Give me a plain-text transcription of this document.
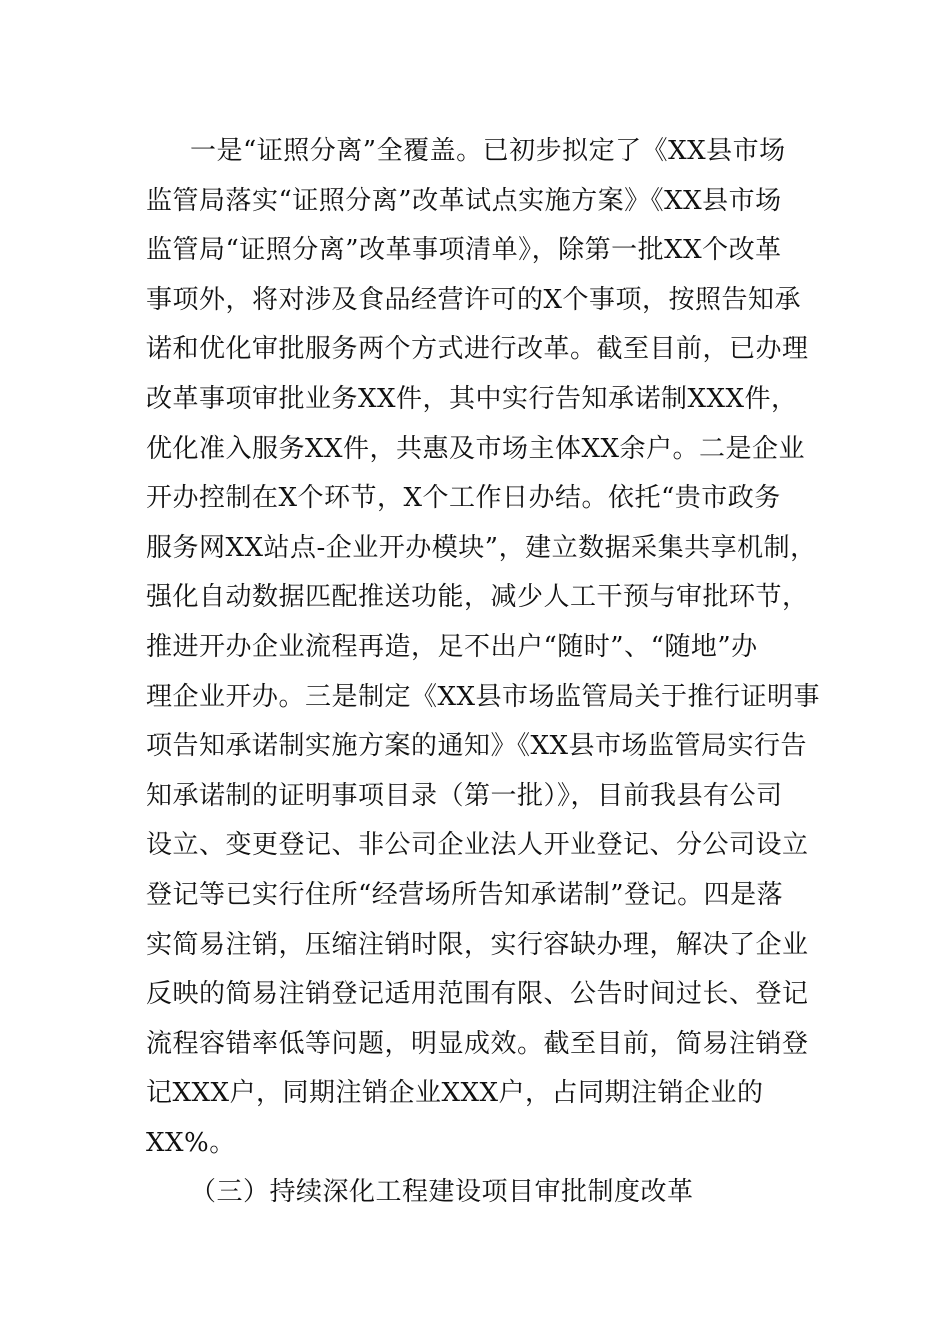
一是“证照分离”全覆盖。已初步拟定了《XX县市场
监管局落实“证照分离”改革试点实施方案》《XX县市场
监管局“证照分离”改革事项清单》，除第一批XX个改革
事项外，将对涉及食品经营许可的X个事项，按照告知承
诺和优化审批服务两个方式进行改革。截至目前，已办理
改革事项审批业务XX件，其中实行告知承诺制XXX件，
优化准入服务XX件，共惠及市场主体XX余户。二是企业
开办控制在X个环节，X个工作日办结。依托“贵市政务
服务网XX站点-企业开办模块”，建立数据采集共享机制，
强化自动数据匹配推送功能，减少人工干预与审批环节，
推进开办企业流程再造，足不出户“随时”、“随地”办
理企业开办。三是制定《XX县市场监管局关于推行证明事
项告知承诺制实施方案的通知》《XX县市场监管局实行告
知承诺制的证明事项目录（第一批）》，目前我县有公司
设立、变更登记、非公司企业法人开业登记、分公司设立
登记等已实行住所“经营场所告知承诺制”登记。四是落
实简易注销，压缩注销时限，实行容缺办理，解决了企业
反映的简易注销登记适用范围有限、公告时间过长、登记
流程容错率低等问题，明显成效。截至目前，简易注销登
记XXX户，同期注销企业XXX户，占同期注销企业的
XX%。
（三）持续深化工程建设项目审批制度改革
